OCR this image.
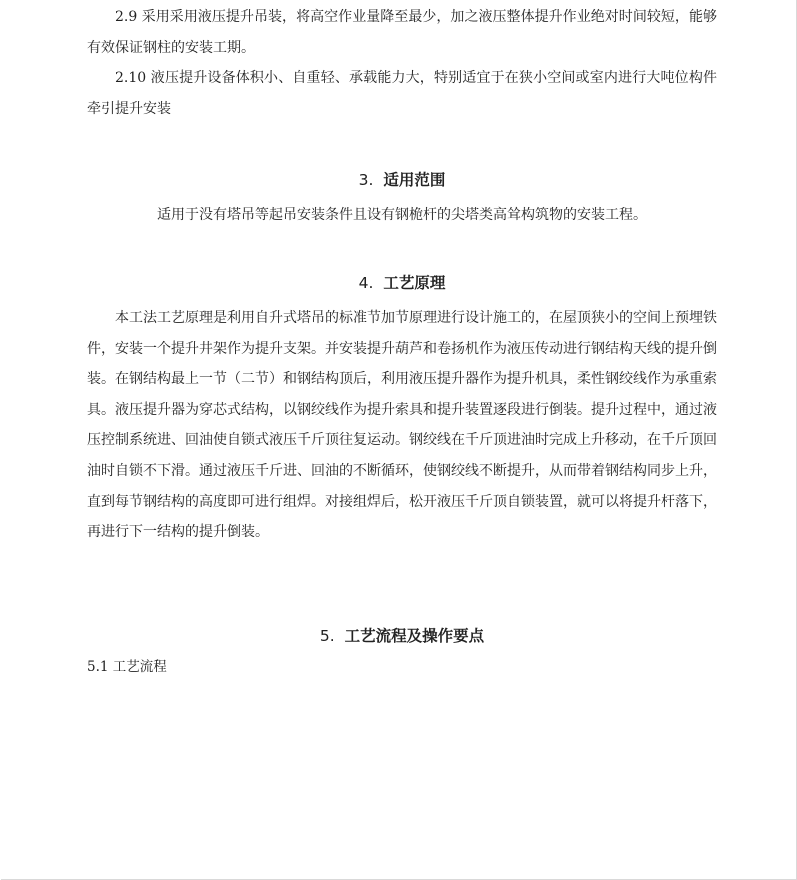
2.9 采用采用液压提升吊装，将高空作业量降至最少，加之液压整体提升作业绝对时间较短，能够有效保证钢柱的安装工期。

2.10 液压提升设备体积小、自重轻、承载能力大，特别适宜于在狭小空间或室内进行大吨位构件牵引提升安装

3. 适用范围

适用于没有塔吊等起吊安装条件且设有钢桅杆的尖塔类高耸构筑物的安装工程。

4. 工艺原理

本工法工艺原理是利用自升式塔吊的标准节加节原理进行设计施工的，在屋顶狭小的空间上预埋铁件，安装一个提升井架作为提升支架。并安装提升葫芦和卷扬机作为液压传动进行钢结构天线的提升倒装。在钢结构最上一节（二节）和钢结构顶后，利用液压提升器作为提升机具，柔性钢绞线作为承重索具。液压提升器为穿芯式结构，以钢绞线作为提升索具和提升装置逐段进行倒装。提升过程中，通过液压控制系统进、回油使自锁式液压千斤顶往复运动。钢绞线在千斤顶进油时完成上升移动，在千斤顶回油时自锁不下滑。通过液压千斤进、回油的不断循环，使钢绞线不断提升，从而带着钢结构同步上升，直到每节钢结构的高度即可进行组焊。对接组焊后，松开液压千斤顶自锁装置，就可以将提升杆落下，再进行下一结构的提升倒装。

5. 工艺流程及操作要点

5.1 工艺流程
